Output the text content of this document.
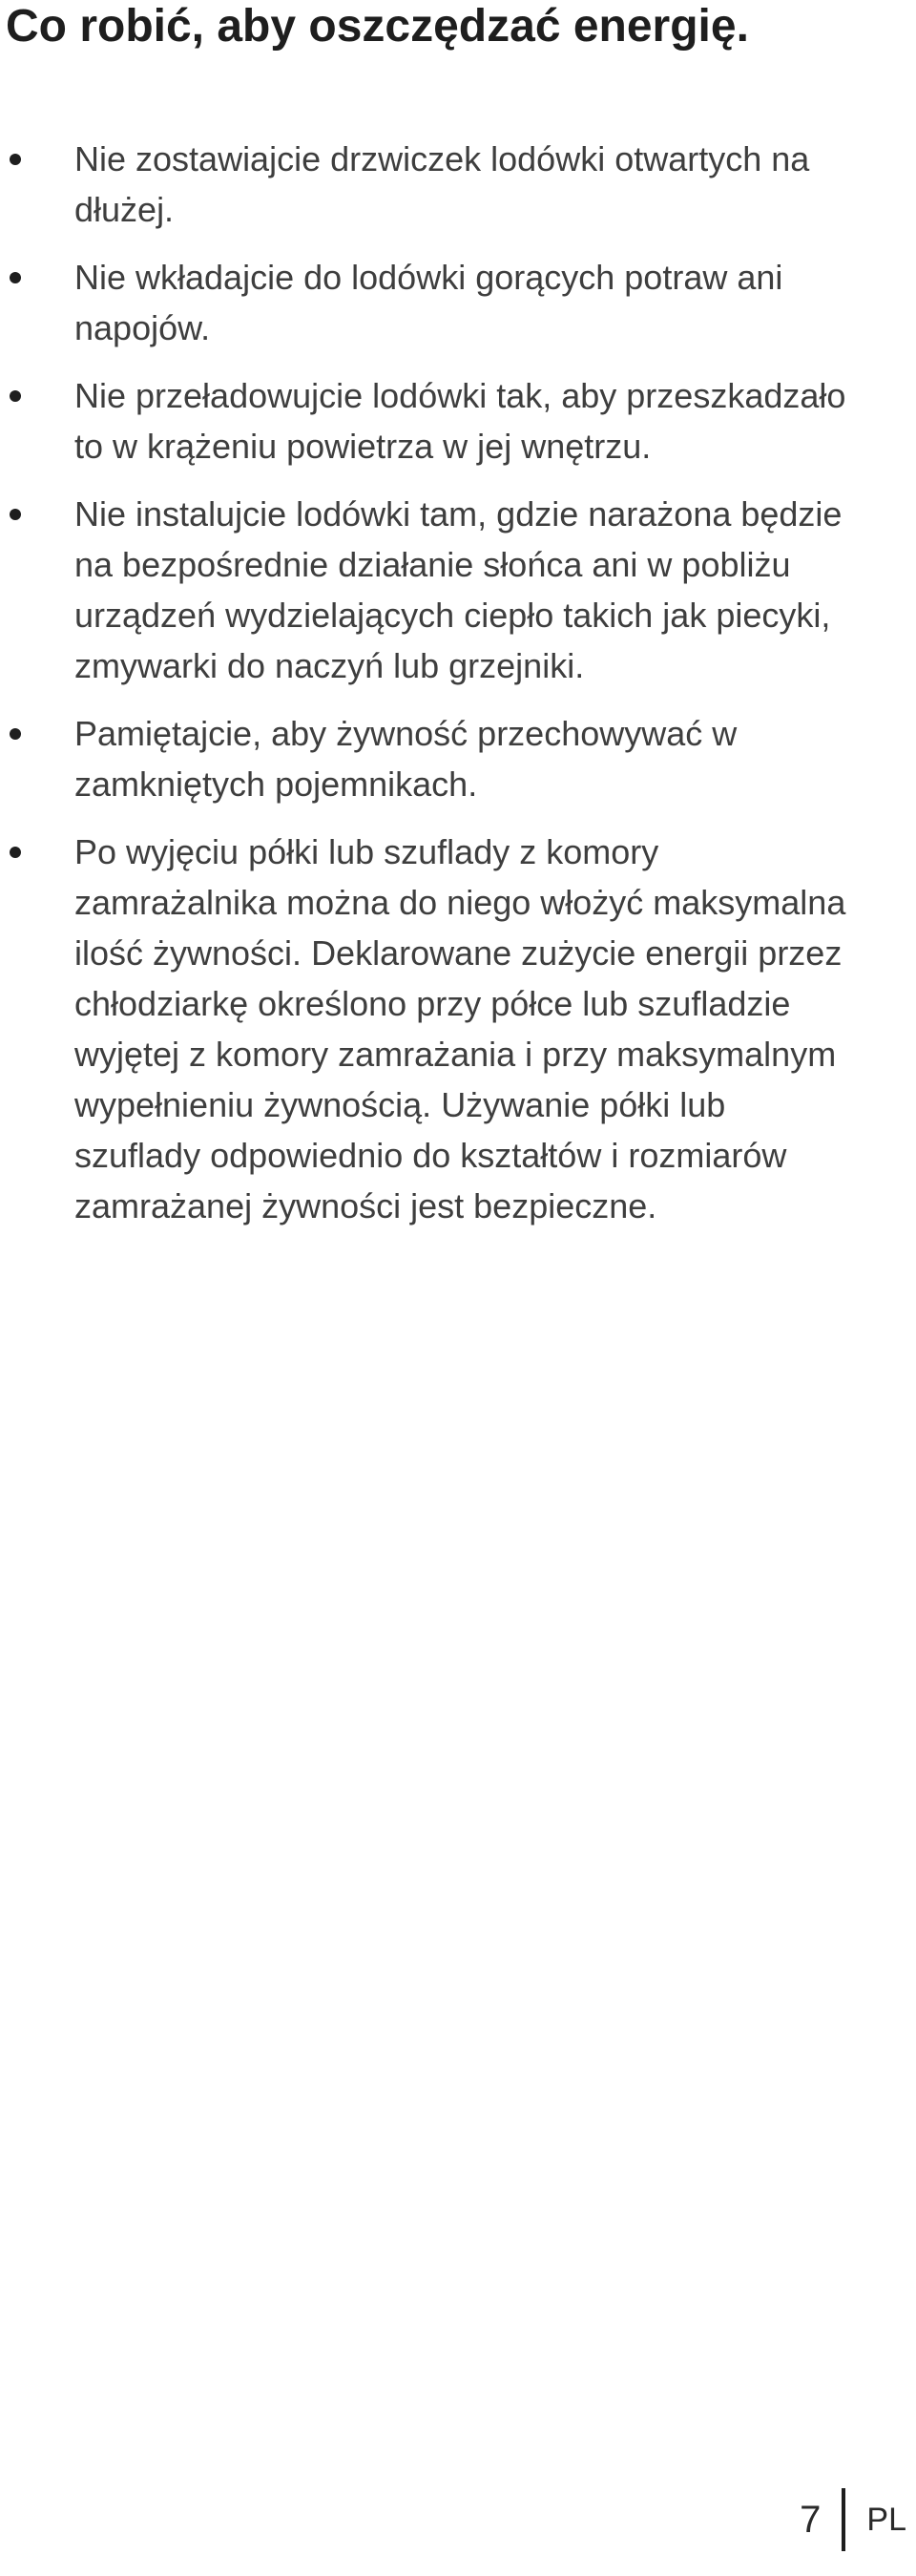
Co robić, aby oszczędzać energię.
Nie zostawiajcie drzwiczek lodówki otwartych na dłużej.
Nie wkładajcie do lodówki gorących potraw ani napojów.
Nie przeładowujcie lodówki tak, aby przeszkadzało to w krążeniu powietrza w jej wnętrzu.
Nie instalujcie lodówki tam, gdzie narażona będzie na bezpośrednie działanie słońca ani w pobliżu urządzeń wydzielających ciepło takich jak piecyki, zmywarki do naczyń lub grzejniki.
Pamiętajcie, aby żywność przechowywać w zamkniętych pojemnikach.
Po wyjęciu półki lub szuflady z komory zamrażalnika można do niego włożyć maksymalna ilość żywności. Deklarowane zużycie energii przez chłodziarkę określono przy półce lub szufladzie wyjętej z komory zamrażania i przy maksymalnym wypełnieniu żywnością. Używanie półki lub szuflady odpowiednio do kształtów i rozmiarów zamrażanej żywności jest bezpieczne.
7 PL
